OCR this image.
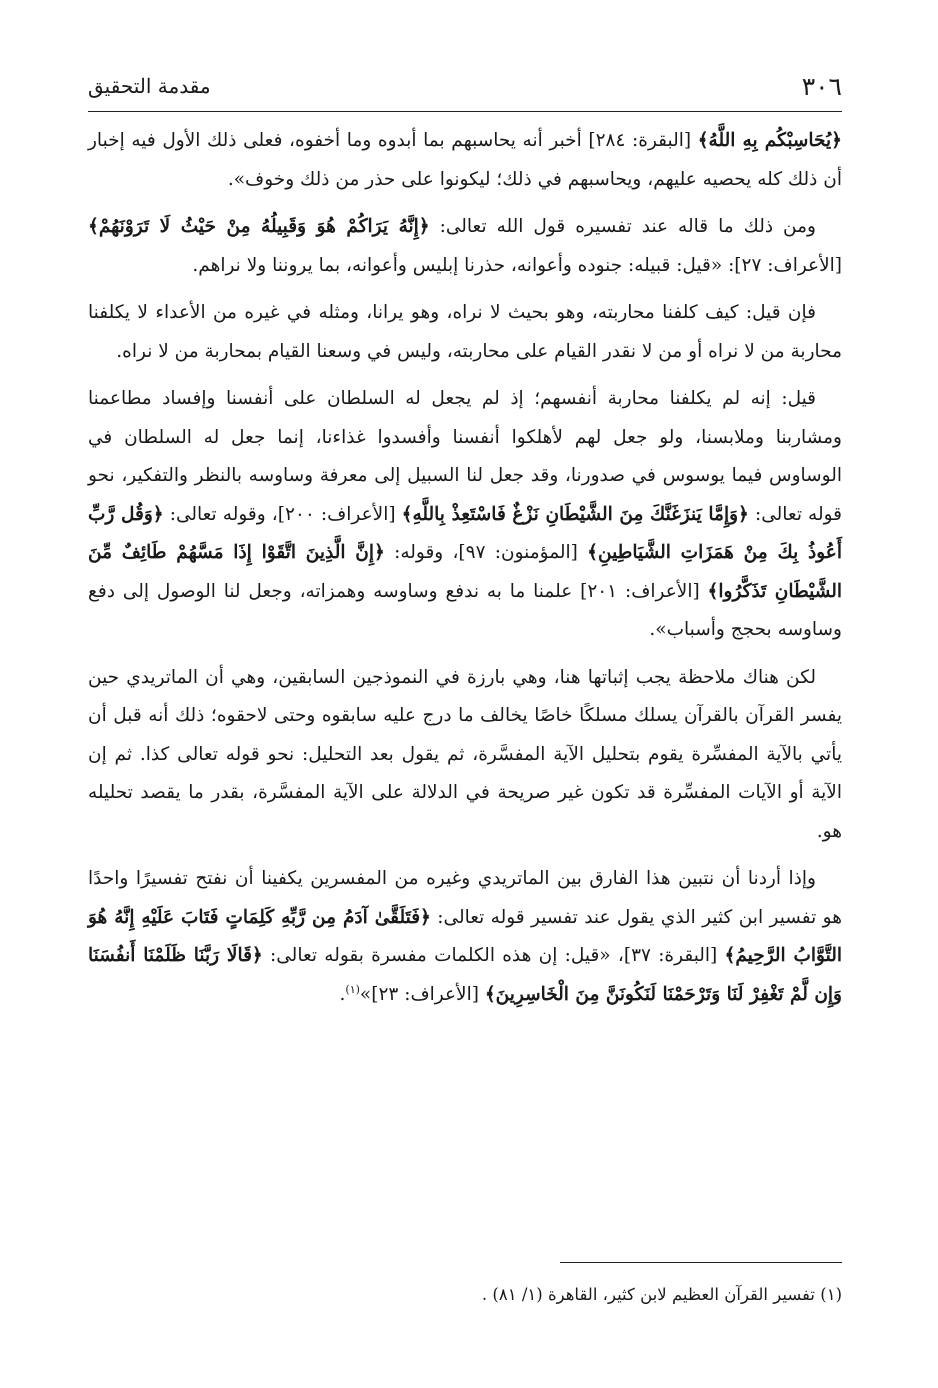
٣٠٦
مقدمة التحقيق

﴿يُحَاسِبْكُم بِهِ اللَّهُ﴾ [البقرة: ٢٨٤] أخبر أنه يحاسبهم بما أبدوه وما أخفوه، فعلى ذلك الأول فيه إخبار أن ذلك كله يحصيه عليهم، ويحاسبهم في ذلك؛ ليكونوا على حذر من ذلك وخوف».

ومن ذلك ما قاله عند تفسيره قول الله تعالى: ﴿إِنَّهُ يَرَاكُمْ هُوَ وَقَبِيلُهُ مِنْ حَيْثُ لَا تَرَوْنَهُمْ﴾ [الأعراف: ٢٧]: «قيل: قبيله: جنوده وأعوانه، حذرنا إبليس وأعوانه، بما يروننا ولا نراهم.

فإن قيل: كيف كلفنا محاربته، وهو بحيث لا نراه، وهو يرانا، ومثله في غيره من الأعداء لا يكلفنا محاربة من لا نراه أو من لا نقدر القيام على محاربته، وليس في وسعنا القيام بمحاربة من لا نراه.

قيل: إنه لم يكلفنا محاربة أنفسهم؛ إذ لم يجعل له السلطان على أنفسنا وإفساد مطاعمنا ومشاربنا وملابسنا، ولو جعل لهم لأهلكوا أنفسنا وأفسدوا غذاءنا، إنما جعل له السلطان في الوساوس فيما يوسوس في صدورنا، وقد جعل لنا السبيل إلى معرفة وساوسه بالنظر والتفكير، نحو قوله تعالى: ﴿وَإِمَّا يَنزَغَنَّكَ مِنَ الشَّيْطَانِ نَزْغٌ فَاسْتَعِذْ بِاللَّهِ﴾ [الأعراف: ٢٠٠]، وقوله تعالى: ﴿وَقُل رَّبِّ أَعُوذُ بِكَ مِنْ هَمَزَاتِ الشَّيَاطِينِ﴾ [المؤمنون: ٩٧]، وقوله: ﴿إِنَّ الَّذِينَ اتَّقَوْا إِذَا مَسَّهُمْ طَائِفٌ مِّنَ الشَّيْطَانِ تَذَكَّرُوا﴾ [الأعراف: ٢٠١] علمنا ما به ندفع وساوسه وهمزاته، وجعل لنا الوصول إلى دفع وساوسه بحجج وأسباب».

لكن هناك ملاحظة يجب إثباتها هنا، وهي بارزة في النموذجين السابقين، وهي أن الماتريدي حين يفسر القرآن بالقرآن يسلك مسلكًا خاصًا يخالف ما درج عليه سابقوه وحتى لاحقوه؛ ذلك أنه قبل أن يأتي بالآية المفسِّرة يقوم بتحليل الآية المفسَّرة، ثم يقول بعد التحليل: نحو قوله تعالى كذا. ثم إن الآية أو الآيات المفسِّرة قد تكون غير صريحة في الدلالة على الآية المفسَّرة، بقدر ما يقصد تحليله هو.

وإذا أردنا أن نتبين هذا الفارق بين الماتريدي وغيره من المفسرين يكفينا أن نفتح تفسيرًا واحدًا هو تفسير ابن كثير الذي يقول عند تفسير قوله تعالى: ﴿فَتَلَقَّىٰ آدَمُ مِن رَّبِّهِ كَلِمَاتٍ فَتَابَ عَلَيْهِ إِنَّهُ هُوَ التَّوَّابُ الرَّحِيمُ﴾ [البقرة: ٣٧]، «قيل: إن هذه الكلمات مفسرة بقوله تعالى: ﴿قَالَا رَبَّنَا ظَلَمْنَا أَنفُسَنَا وَإِن لَّمْ تَغْفِرْ لَنَا وَتَرْحَمْنَا لَنَكُونَنَّ مِنَ الْخَاسِرِينَ﴾ [الأعراف: ٢٣]»$^{(١)}$.

(١) تفسير القرآن العظيم لابن كثير، القاهرة (١/ ٨١) .
